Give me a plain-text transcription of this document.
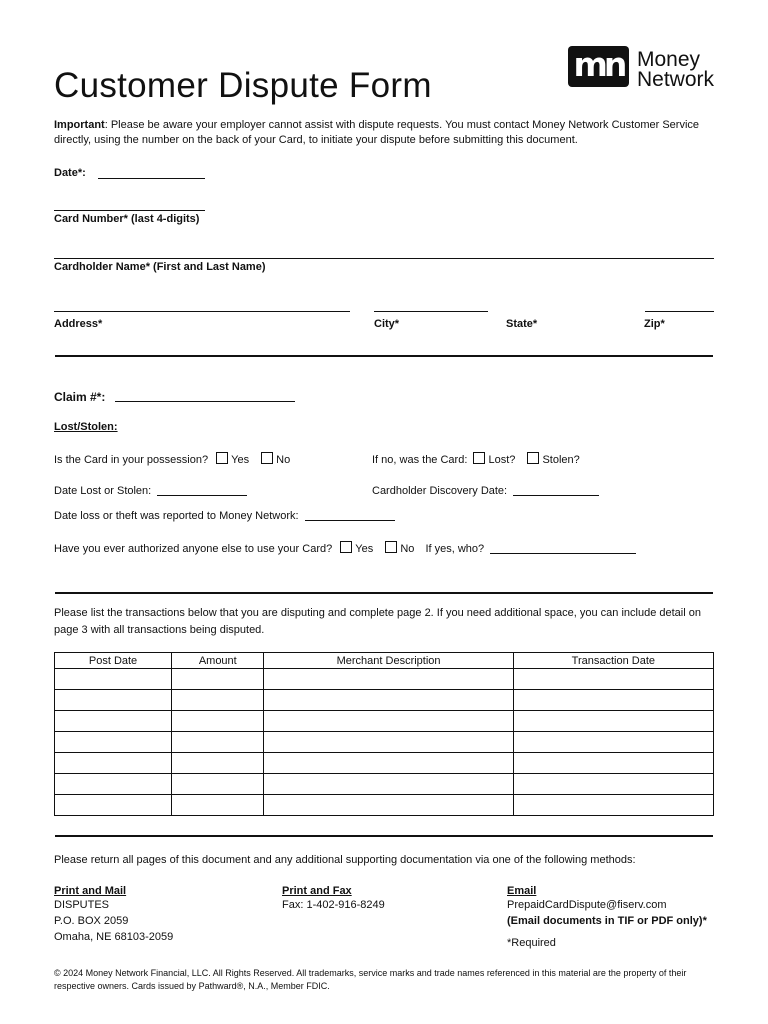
Customer Dispute Form
mn Money
Network
Important: Please be aware your employer cannot assist with dispute requests. You must contact Money Network Customer Service directly, using the number on the back of your Card, to initiate your dispute before submitting this document.
Date*:
Card Number* (last 4-digits)
Cardholder Name* (First and Last Name)
Address*	City*	State*	Zip*
Claim #*:
Lost/Stolen:
Is the Card in your possession? Yes No	If no, was the Card: Lost? Stolen?
Date Lost or Stolen:	Cardholder Discovery Date:
Date loss or theft was reported to Money Network:
Have you ever authorized anyone else to use your Card? Yes No If yes, who?
Please list the transactions below that you are disputing and complete page 2. If you need additional space, you can include detail on page 3 with all transactions being disputed.
Post Date	Amount	Merchant Description	Transaction Date

Please return all pages of this document and any additional supporting documentation via one of the following methods:
Print and Mail
DISPUTES
P.O. BOX 2059
Omaha, NE 68103-2059
Print and Fax
Fax: 1-402-916-8249
Email
PrepaidCardDispute@fiserv.com
(Email documents in TIF or PDF only)*
*Required
© 2024 Money Network Financial, LLC. All Rights Reserved. All trademarks, service marks and trade names referenced in this material are the property of their respective owners. Cards issued by Pathward®, N.A., Member FDIC.
